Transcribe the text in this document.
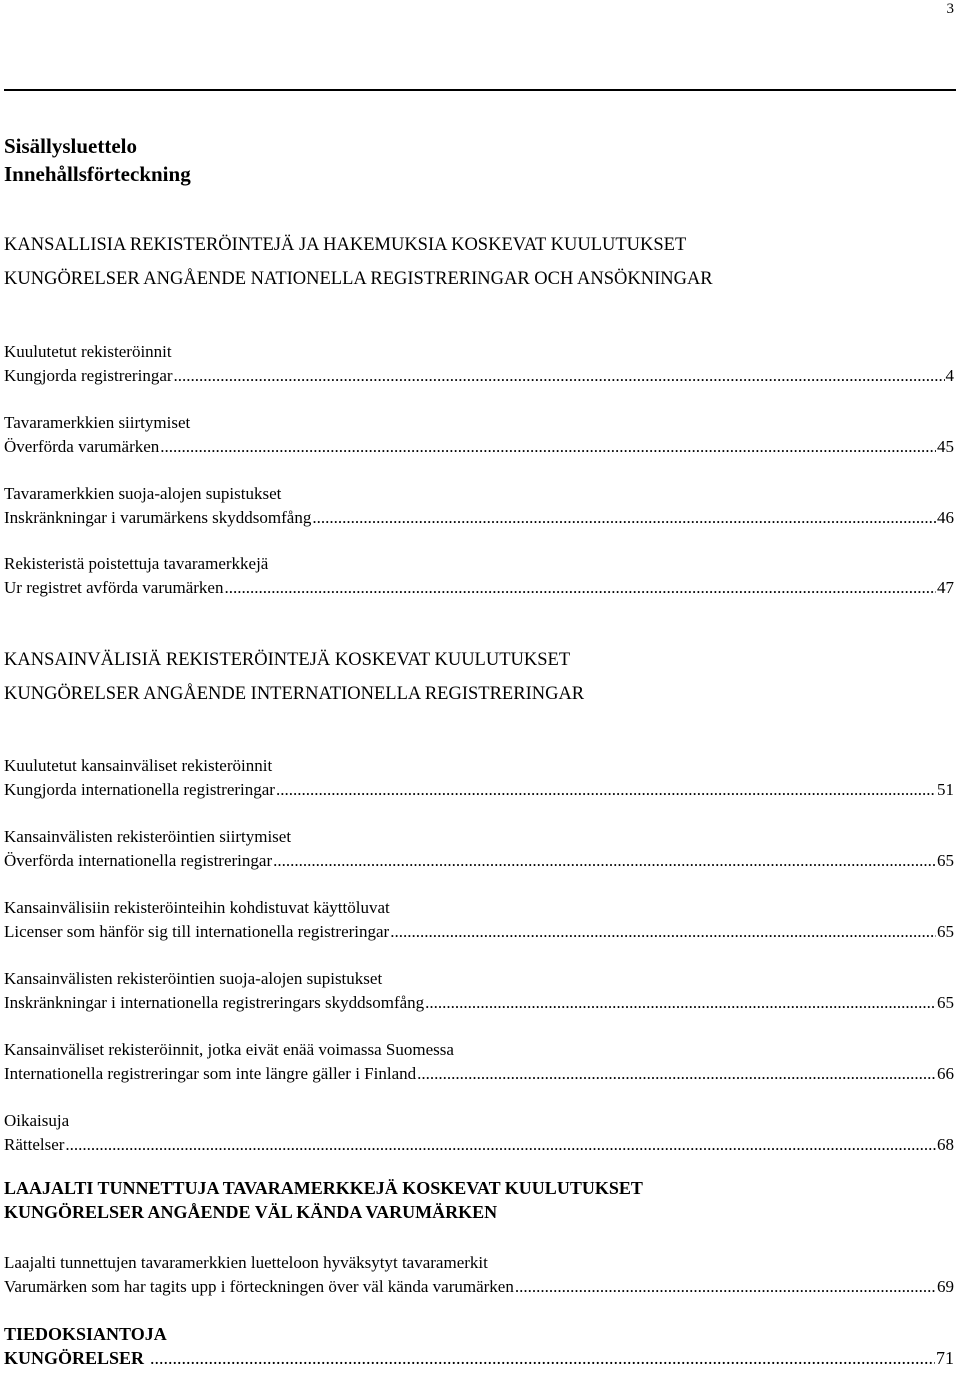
3
Sisällysluettelo
Innehållsförteckning
KANSALLISIA REKISTERÖINTEJÄ JA HAKEMUKSIA KOSKEVAT KUULUTUKSET
KUNGÖRELSER ANGÅENDE NATIONELLA REGISTRERINGAR OCH ANSÖKNINGAR
Kuulutetut rekisteröinnit
Kungjorda registreringar .....	4
Tavaramerkkien siirtymiset
Överförda varumärken .....	45
Tavaramerkkien suoja-alojen supistukset
Inskränkningar i varumärkens skyddsomfång .....	46
Rekisteristä poistettuja tavaramerkkejä
Ur registret avförda varumärken .....	47
KANSAINVÄLISIÄ REKISTERÖINTEJÄ KOSKEVAT KUULUTUKSET
KUNGÖRELSER ANGÅENDE INTERNATIONELLA REGISTRERINGAR
Kuulutetut kansainväliset rekisteröinnit
Kungjorda internationella registreringar .....	51
Kansainvälisten rekisteröintien siirtymiset
Överförda internationella registreringar .....	65
Kansainvälisiin rekisteröinteihin kohdistuvat käyttöluvat
Licenser som hänför sig till internationella registreringar .....	65
Kansainvälisten rekisteröintien suoja-alojen supistukset
Inskränkningar i internationella registreringars skyddsomfång .....	65
Kansainväliset rekisteröinnit, jotka eivät enää voimassa Suomessa
Internationella registreringar som inte längre gäller i Finland .....	66
Oikaisuja
Rättelser .....	68
LAAJALTI TUNNETTUJA TAVARAMERKKEJÄ KOSKEVAT KUULUTUKSET
KUNGÖRELSER ANGÅENDE VÄL KÄNDA VARUMÄRKEN
Laajalti tunnettujen tavaramerkkien luetteloon hyväksytyt tavaramerkit
Varumärken som har tagits upp i förteckningen över väl kända varumärken .....	69
TIEDOKSIANTOJA
KUNGÖRELSER .....	71
